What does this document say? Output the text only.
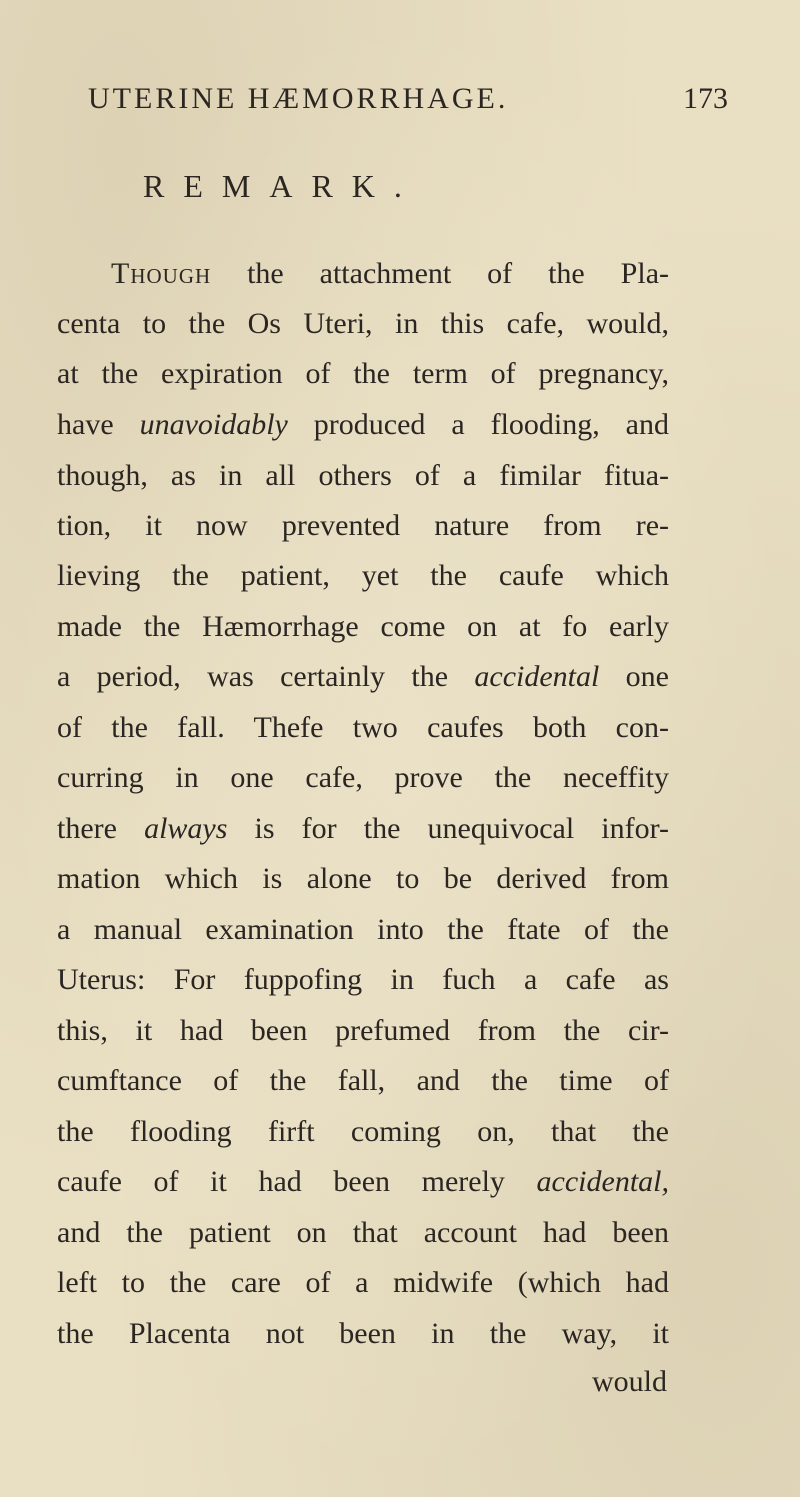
UTERINE HÆMORRHAGE.	173
REMARK.
Though the attachment of the Pla-
centa to the Os Uteri, in this cafe, would,
at the expiration of the term of pregnancy,
have unavoidably produced a flooding, and
though, as in all others of a fimilar fitua-
tion, it now prevented nature from re-
lieving the patient, yet the caufe which
made the Hæmorrhage come on at fo early
a period, was certainly the accidental one
of the fall. Thefe two caufes both con-
curring in one cafe, prove the neceffity
there always is for the unequivocal infor-
mation which is alone to be derived from
a manual examination into the ftate of the
Uterus: For fuppofing in fuch a cafe as
this, it had been prefumed from the cir-
cumftance of the fall, and the time of
the flooding firft coming on, that the
caufe of it had been merely accidental,
and the patient on that account had been
left to the care of a midwife (which had
the Placenta not been in the way, it
would
